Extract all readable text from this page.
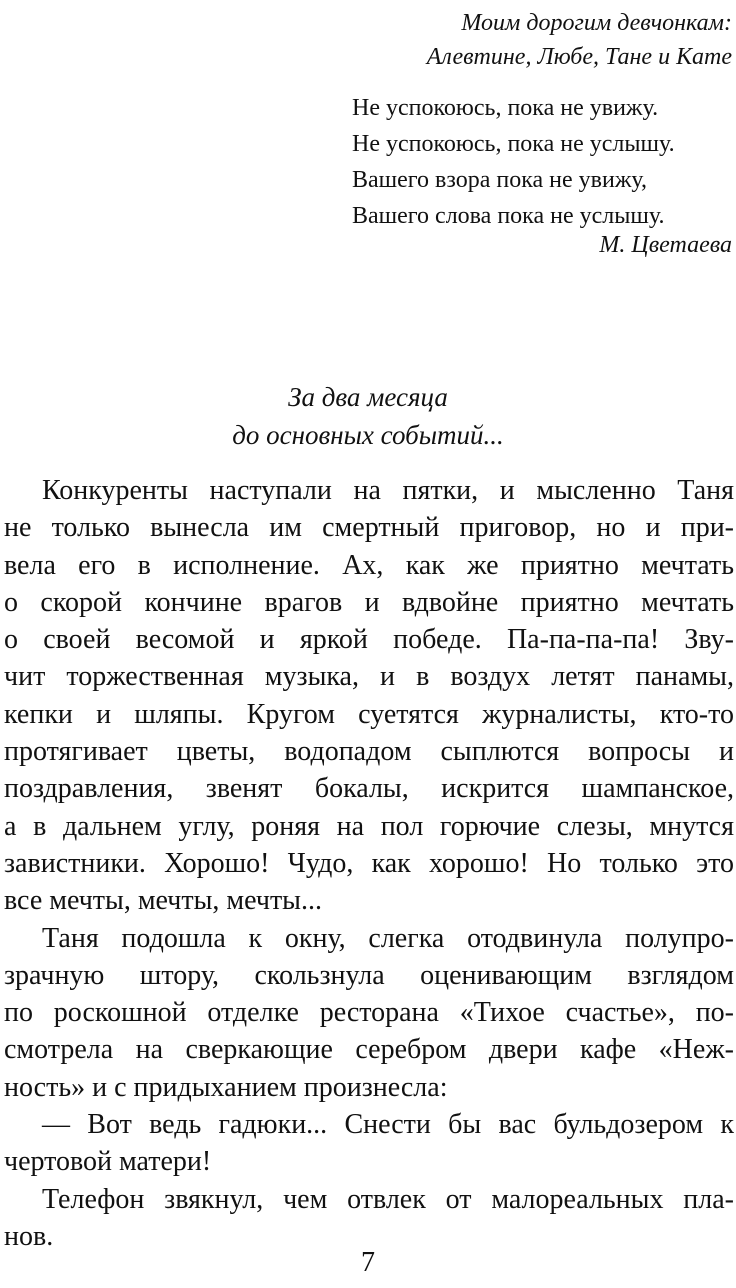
Моим дорогим девчонкам:
Алевтине, Любе, Тане и Кате
Не успокоюсь, пока не увижу.
Не успокоюсь, пока не услышу.
Вашего взора пока не увижу,
Вашего слова пока не услышу.
М. Цветаева
За два месяца
до основных событий...
Конкуренты наступали на пятки, и мысленно Таня
не только вынесла им смертный приговор, но и при-
вела его в исполнение. Ах, как же приятно мечтать
о скорой кончине врагов и вдвойне приятно мечтать
о своей весомой и яркой победе. Па-па-па-па! Зву-
чит торжественная музыка, и в воздух летят панамы,
кепки и шляпы. Кругом суетятся журналисты, кто-то
протягивает цветы, водопадом сыплются вопросы и
поздравления, звенят бокалы, искрится шампанское,
а в дальнем углу, роняя на пол горючие слезы, мнутся
завистники. Хорошо! Чудо, как хорошо! Но только это
все мечты, мечты, мечты...
Таня подошла к окну, слегка отодвинула полупро-
зрачную штору, скользнула оценивающим взглядом
по роскошной отделке ресторана «Тихое счастье», по-
смотрела на сверкающие серебром двери кафе «Неж-
ность» и с придыханием произнесла:
— Вот ведь гадюки... Снести бы вас бульдозером к
чертовой матери!
Телефон звякнул, чем отвлек от малореальных пла-
нов.
7
